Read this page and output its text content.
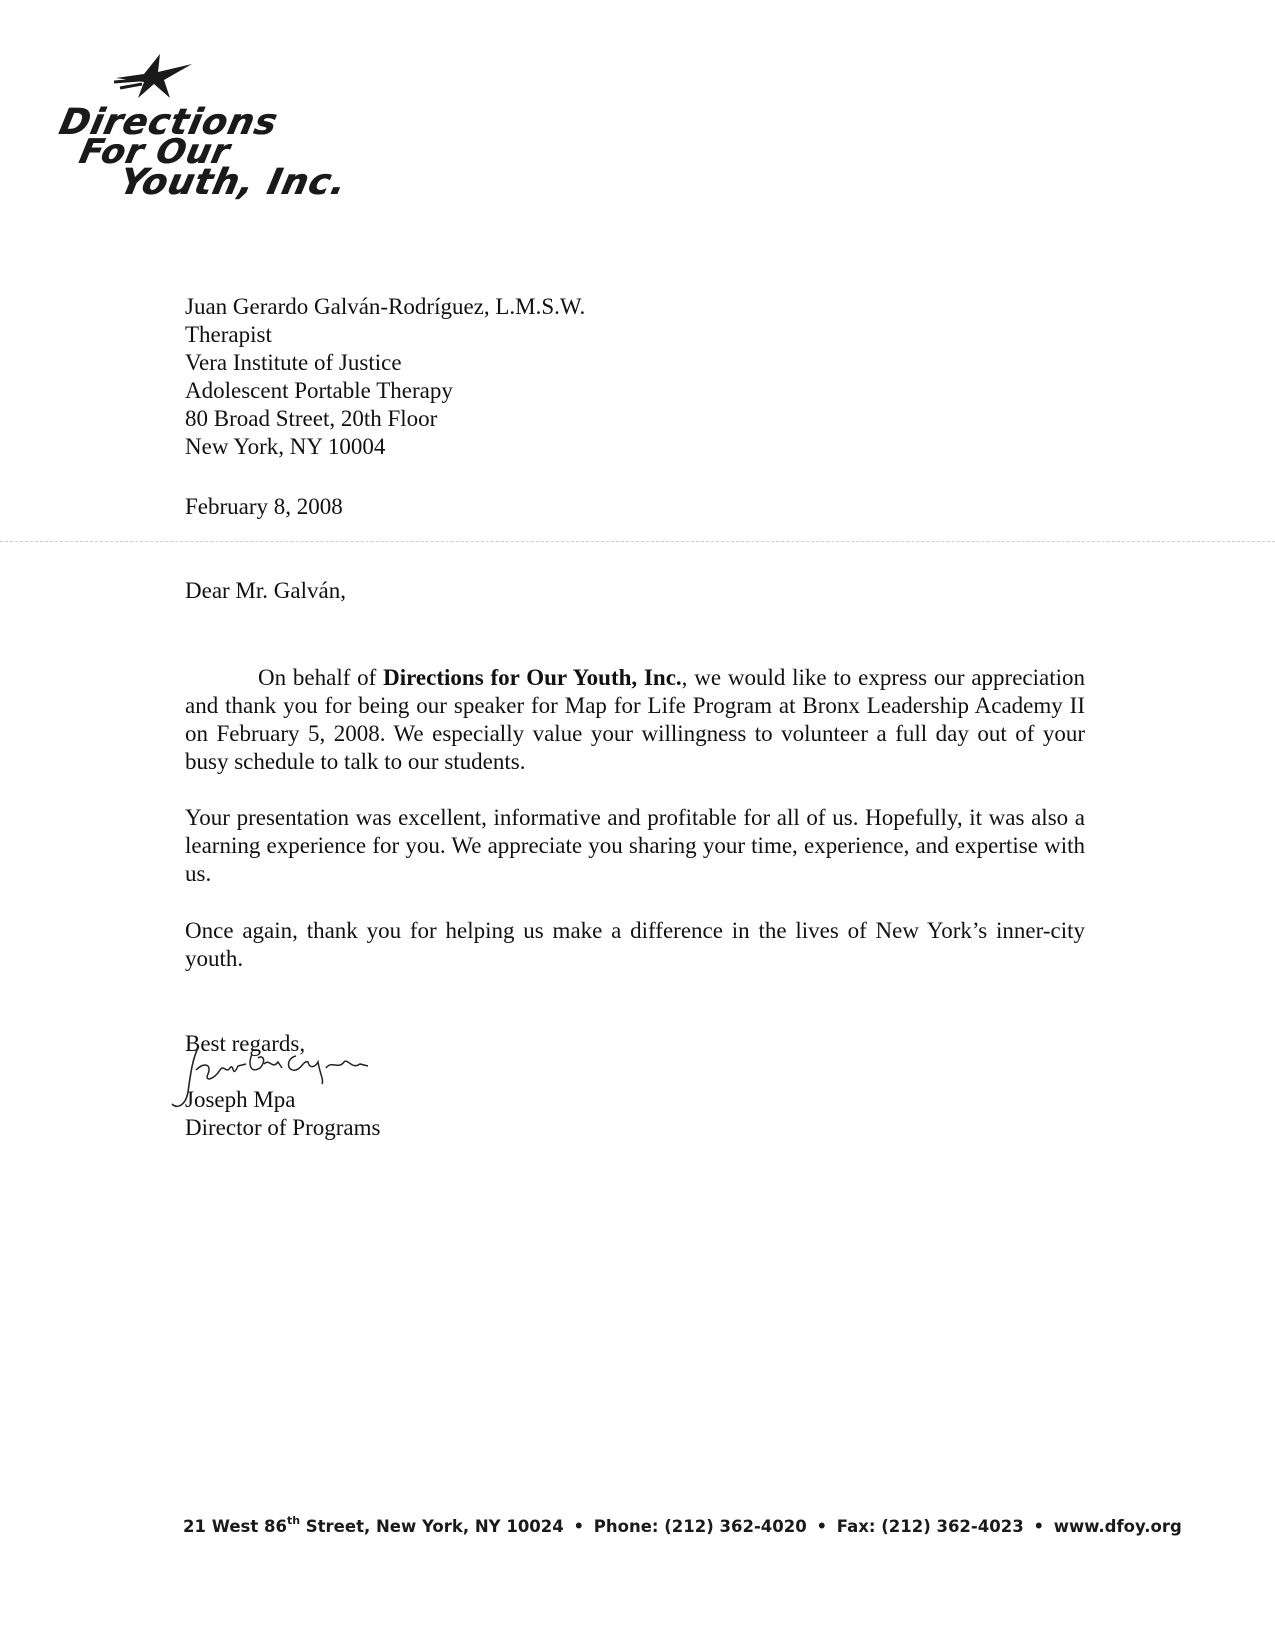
Directions
For Our
Youth, Inc.
Juan Gerardo Galván-Rodríguez, L.M.S.W.
Therapist
Vera Institute of Justice
Adolescent Portable Therapy
80 Broad Street, 20th Floor
New York, NY 10004
February 8, 2008
Dear Mr. Galván,
On behalf of Directions for Our Youth, Inc., we would like to express our appreciation and thank you for being our speaker for Map for Life Program at Bronx Leadership Academy II on February 5, 2008. We especially value your willingness to volunteer a full day out of your busy schedule to talk to our students.
Your presentation was excellent, informative and profitable for all of us. Hopefully, it was also a learning experience for you. We appreciate you sharing your time, experience, and expertise with us.
Once again, thank you for helping us make a difference in the lives of New York’s inner-city youth.
Best regards,
Joseph Mpa
Director of Programs
21 West 86th Street, New York, NY 10024 • Phone: (212) 362-4020 • Fax: (212) 362-4023 • www.dfoy.org
